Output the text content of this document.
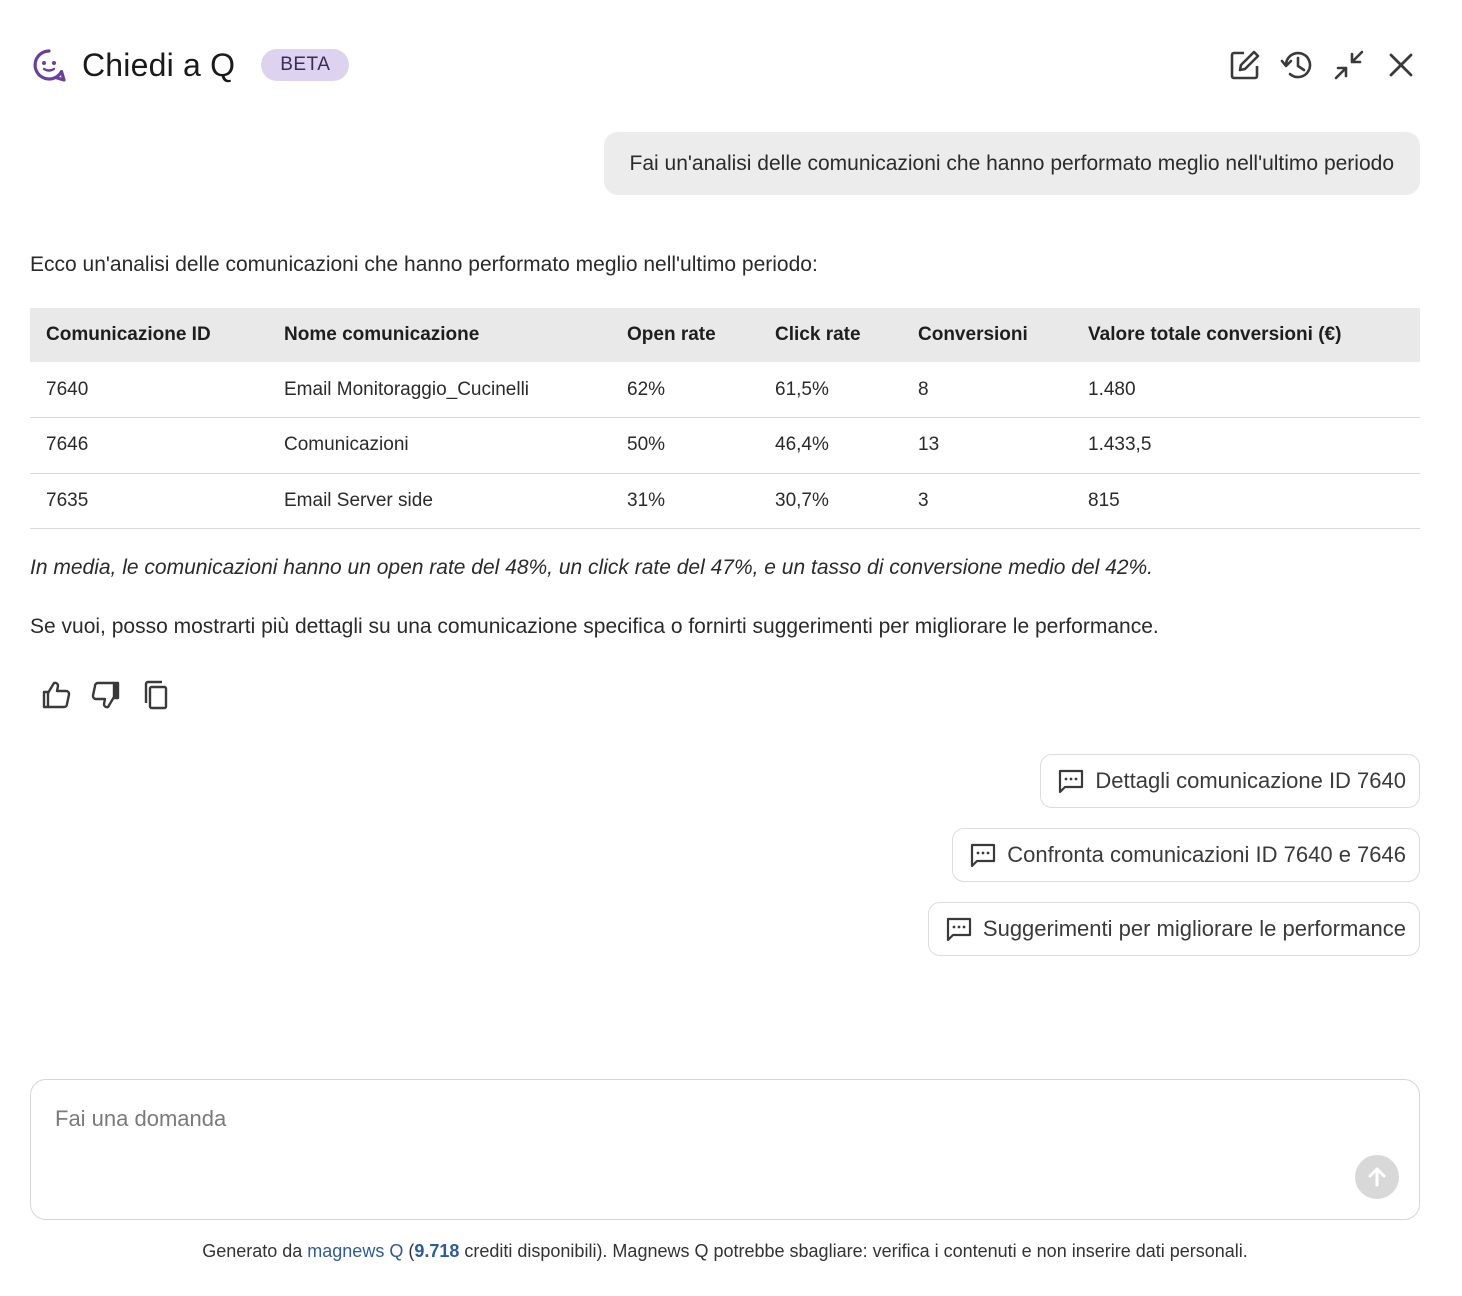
Chiedi a Q	BETA
Fai un'analisi delle comunicazioni che hanno performato meglio nell'ultimo periodo
Ecco un'analisi delle comunicazioni che hanno performato meglio nell'ultimo periodo:
Comunicazione ID	Nome comunicazione	Open rate	Click rate	Conversioni	Valore totale conversioni (€)
7640	Email Monitoraggio_Cucinelli	62%	61,5%	8	1.480
7646	Comunicazioni	50%	46,4%	13	1.433,5
7635	Email Server side	31%	30,7%	3	815
In media, le comunicazioni hanno un open rate del 48%, un click rate del 47%, e un tasso di conversione medio del 42%.
Se vuoi, posso mostrarti più dettagli su una comunicazione specifica o fornirti suggerimenti per migliorare le performance.
Dettagli comunicazione ID 7640
Confronta comunicazioni ID 7640 e 7646
Suggerimenti per migliorare le performance
Fai una domanda
Generato da magnews Q (9.718 crediti disponibili). Magnews Q potrebbe sbagliare: verifica i contenuti e non inserire dati personali.
